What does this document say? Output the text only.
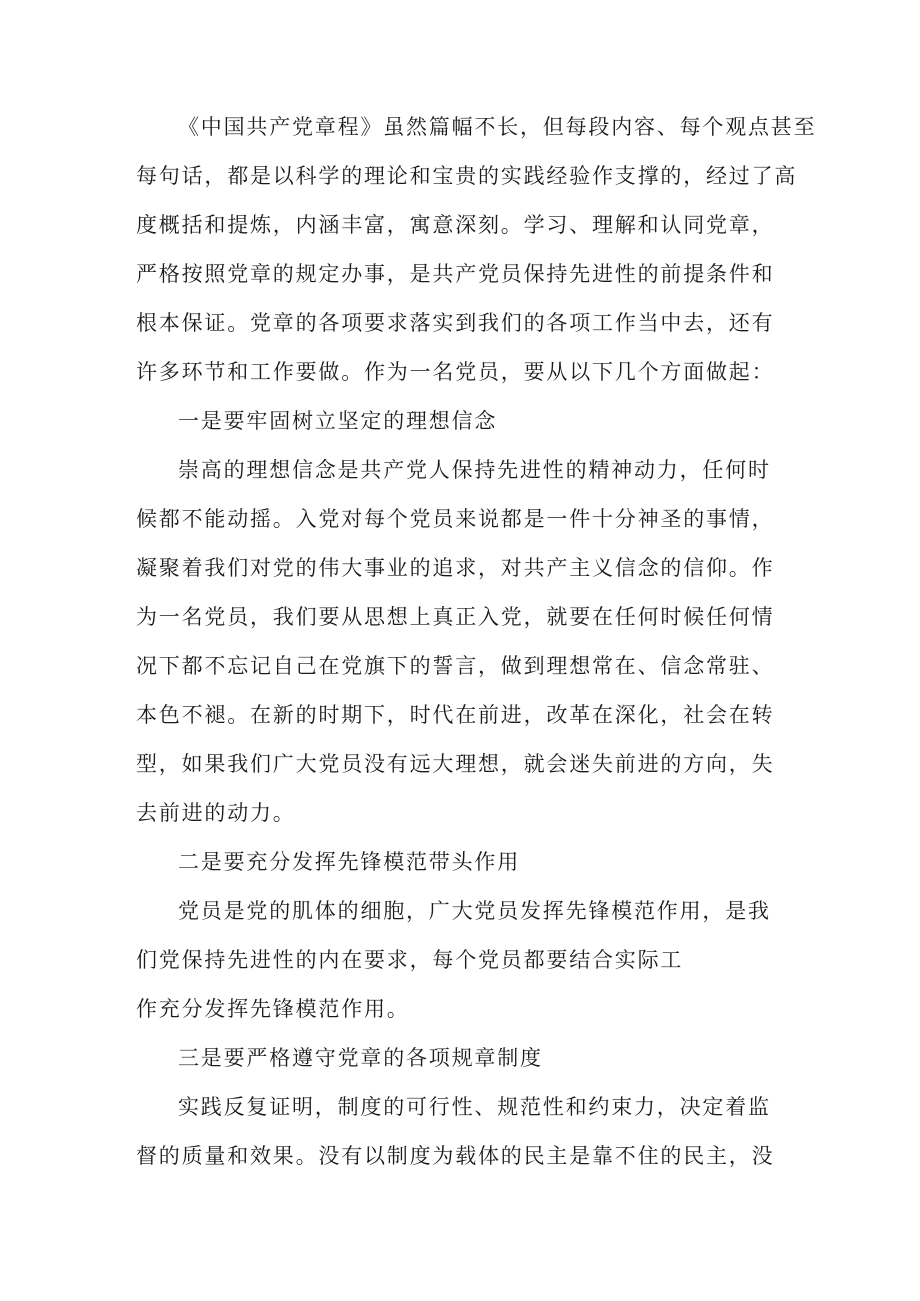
《中国共产党章程》虽然篇幅不长，但每段内容、每个观点甚至
每句话，都是以科学的理论和宝贵的实践经验作支撑的，经过了高
度概括和提炼，内涵丰富，寓意深刻。学习、理解和认同党章，
严格按照党章的规定办事，是共产党员保持先进性的前提条件和
根本保证。党章的各项要求落实到我们的各项工作当中去，还有
许多环节和工作要做。作为一名党员，要从以下几个方面做起：
一是要牢固树立坚定的理想信念
崇高的理想信念是共产党人保持先进性的精神动力，任何时
候都不能动摇。入党对每个党员来说都是一件十分神圣的事情，
凝聚着我们对党的伟大事业的追求，对共产主义信念的信仰。作
为一名党员，我们要从思想上真正入党，就要在任何时候任何情
况下都不忘记自己在党旗下的誓言，做到理想常在、信念常驻、
本色不褪。在新的时期下，时代在前进，改革在深化，社会在转
型，如果我们广大党员没有远大理想，就会迷失前进的方向，失
去前进的动力。
二是要充分发挥先锋模范带头作用
党员是党的肌体的细胞，广大党员发挥先锋模范作用，是我
们党保持先进性的内在要求，每个党员都要结合实际工
作充分发挥先锋模范作用。
三是要严格遵守党章的各项规章制度
实践反复证明，制度的可行性、规范性和约束力，决定着监
督的质量和效果。没有以制度为载体的民主是靠不住的民主，没
